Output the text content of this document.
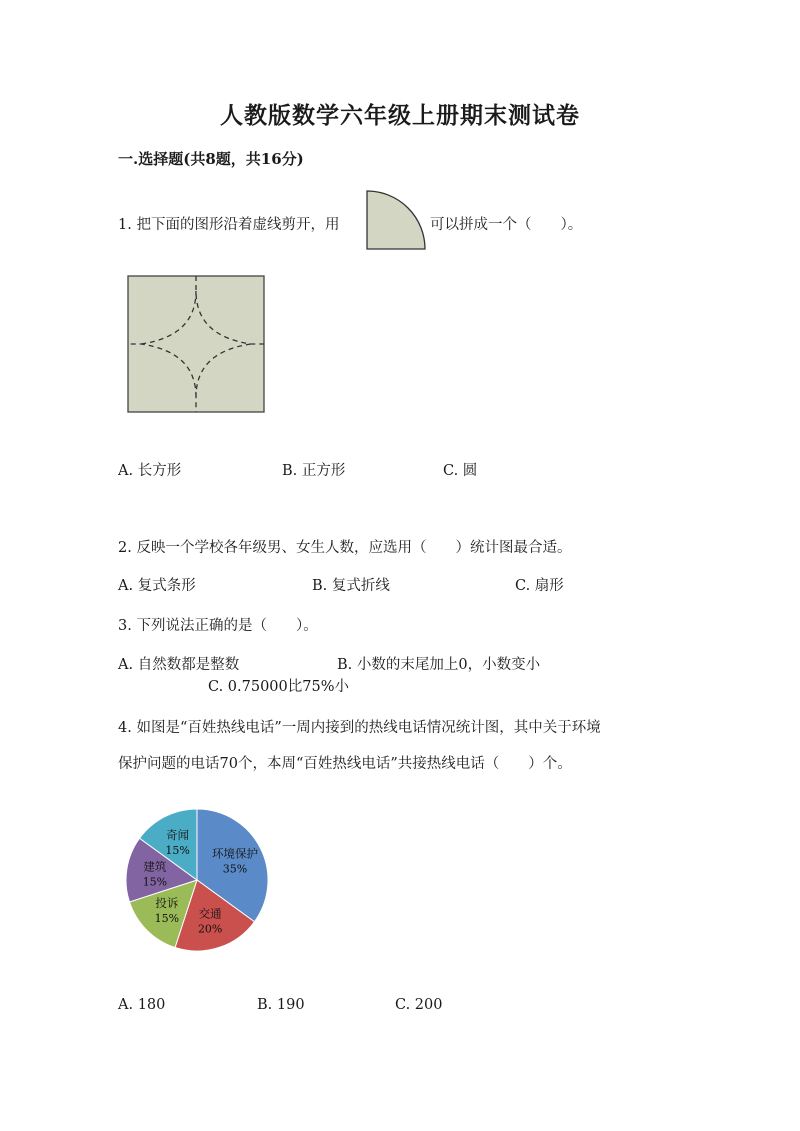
人教版数学六年级上册期末测试卷
一.选择题(共8题，共16分)
1. 把下面的图形沿着虚线剪开，用	可以拼成一个（　　）。
A. 长方形	B. 正方形	C. 圆
2. 反映一个学校各年级男、女生人数，应选用（　　）统计图最合适。
A. 复式条形	B. 复式折线	C. 扇形
3. 下列说法正确的是（　　）。
A. 自然数都是整数	B. 小数的末尾加上0，小数变小
C. 0.75000比75%小
4. 如图是“百姓热线电话”一周内接到的热线电话情况统计图，其中关于环境
保护问题的电话70个，本周“百姓热线电话”共接热线电话（　　）个。
环境保护
35%
交通
20%
投诉
15%
建筑
15%
奇闻
15%
A. 180	B. 190	C. 200
